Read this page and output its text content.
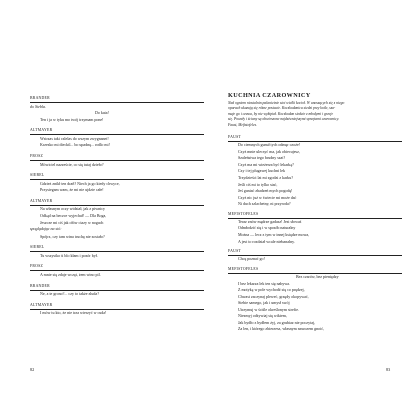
BRANDER
do Siebla.
Do kata!
Ten i ja w tyku mo twój trzymam pone!
ALTMAYER
Wstrzas taki czlelas do wszym zwygnanet!
Krzesko mi diecktl... bo upadnę... rodlo mi!
FROSZ
Mówiciel nazzeście, co się tutaj dzieło?
SIEBEL
Gdzież znikł ten draň? Niech ja go kiedy chwyce,
Przysiegam wam, że mi nie ujdzie całe!
ALTMAYER
Na własnym oczy widział, jak z piwnicy
Odkąd na beczce wyjechał! — Dla Boga,
Jeszcze mi ciś jak ołów ciazy w nogach
spoglądając na stó:
Spójrz, czy tam wina truchę nie zostało?
SIEBEL
Tu wszystko ti blo kłam i pozór był.
FROSZ
A mnie się zdaje wczęt, żem wino pil.
BRANDER
Ne, a te grono?... czy to także zluda?
ALTMAYER
I mów tu kto, że nie trza wierzyć w cuda!
82
KUCHNIA CZAROWNICY
Nad ogniem niostalnin palanieinie stoi wielki kocioł. W unoszących się z niego
oparach ukazują się różne postacie. Koczkodanica siedzi przy kotle, sza-
muje go i czuwa, by nie wykipiał. Koczkodan siedzie z młodymi i grzeje
się. Powały i ściany są obwieszone najdziwniejszymi sprzętami czarownicy.
Faust, Mefistofeles.
FAUST
Do ciemnych gunuł tych odmęr czoże!
Czyż mnie ulecsyć ma, jak obiecujesz,
Szaleństwa tego brudny szat?
Czyż ma mi wieżerza być lekarką?
Czy i tej plugawej kuchni lek
Trzydzieści lat mi zgodzi z karku?
Jeśli ciś mi to tylko stać,
Jeś ganiać zbadzeń mych pogodę!
Czyż nic już w świecie mi może dać
Ni duch szlachetny, ni przyroda?
MEFISTOFELES
Teraz znów mądrze gadasz! Jest słowaś
Odmłodzić się i w sposób naturalny
Można — lecz z tym w innej księdze mowa,
A jest to rozdział wcale niebanalny.
FAUST
Chcę poznać go!
MEFISTOFELES
Bez czarów, bez pieniędzy
I bez lekarza lek ten się nabywa.
Z motyką w pole wychodź się co prędzej,
Chwast zaczynaj pleweć, grzędy okopywać,
Siebie samego, jak i umysł swój
Utrzymuj w ściśle określonym strefie.
Niezmyj odżywiaj się wiktem,
Jak bydło z bydłem żyj, za grubiaz nie poczytaj,
Za len, i którego zbierzesz, własnym nawozem gnoić,
83
